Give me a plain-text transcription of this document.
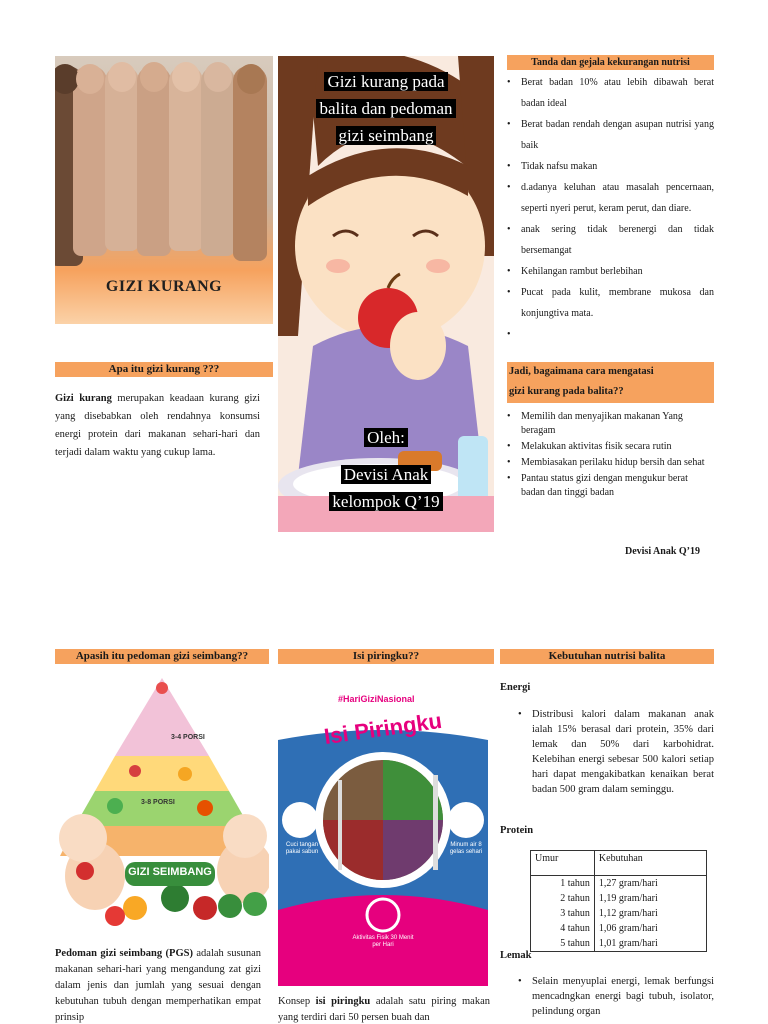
GIZI KURANG
Apa itu gizi kurang ???

Gizi kurang merupakan keadaan kurang gizi yang disebabkan oleh rendahnya konsumsi energi protein dari makanan sehari-hari dan terjadi dalam waktu yang cukup lama.

Gizi kurang pada
balita dan pedoman
gizi seimbang
Oleh:
Devisi Anak
kelompok Q’19
Tanda dan gejala kekurangan nutrisi
• Berat badan 10% atau lebih dibawah berat badan ideal
• Berat badan rendah dengan asupan nutrisi yang baik
• Tidak nafsu makan
• d.adanya keluhan atau masalah pencernaan, seperti nyeri perut, keram perut, dan diare.
• anak sering tidak berenergi dan tidak bersemangat
• Kehilangan rambut berlebihan
• Pucat pada kulit, membrane mukosa dan konjungtiva mata.
•
Jadi, bagaimana cara mengatasi
gizi kurang pada balita??
• Memilih dan menyajikan makanan Yang beragam
• Melakukan aktivitas fisik secara rutin
• Membiasakan perilaku hidup bersih dan sehat
• Pantau status gizi dengan mengukur berat badan dan tinggi badan
Devisi Anak Q’19
Apasih itu pedoman gizi seimbang??
3-4 PORSI
3-8 PORSI
GIZI SEIMBANG

Pedoman gizi seimbang (PGS) adalah susunan makanan sehari-hari yang mengandung zat gizi dalam jenis dan jumlah yang sesuai dengan kebutuhan tubuh dengan memperhatikan empat prinsip

Isi piringku??
#HariGiziNasional
Isi Piringku
Cuci tangan pakai sabun
Minum air 8 gelas sehari
Aktivitas Fisik 30 Menit per Hari

Konsep isi piringku adalah satu piring makan yang terdiri dari 50 persen buah dan

Kebutuhan nutrisi balita
Energi
• Distribusi kalori dalam makanan anak ialah 15% berasal dari protein, 35% dari lemak dan 50% dari karbohidrat. Kelebihan energi sebesar 500 kalori setiap hari dapat mengakibatkan kenaikan berat badan 500 gram dalam seminggu.
Protein
Umur	Kebutuhan
1 tahun	1,27 gram/hari
2 tahun	1,19 gram/hari
3 tahun	1,12 gram/hari
4 tahun	1,06 gram/hari
5 tahun	1,01 gram/hari
Lemak
• Selain menyuplai energi, lemak berfungsi mencadngkan energi bagi tubuh, isolator, pelindung organ
